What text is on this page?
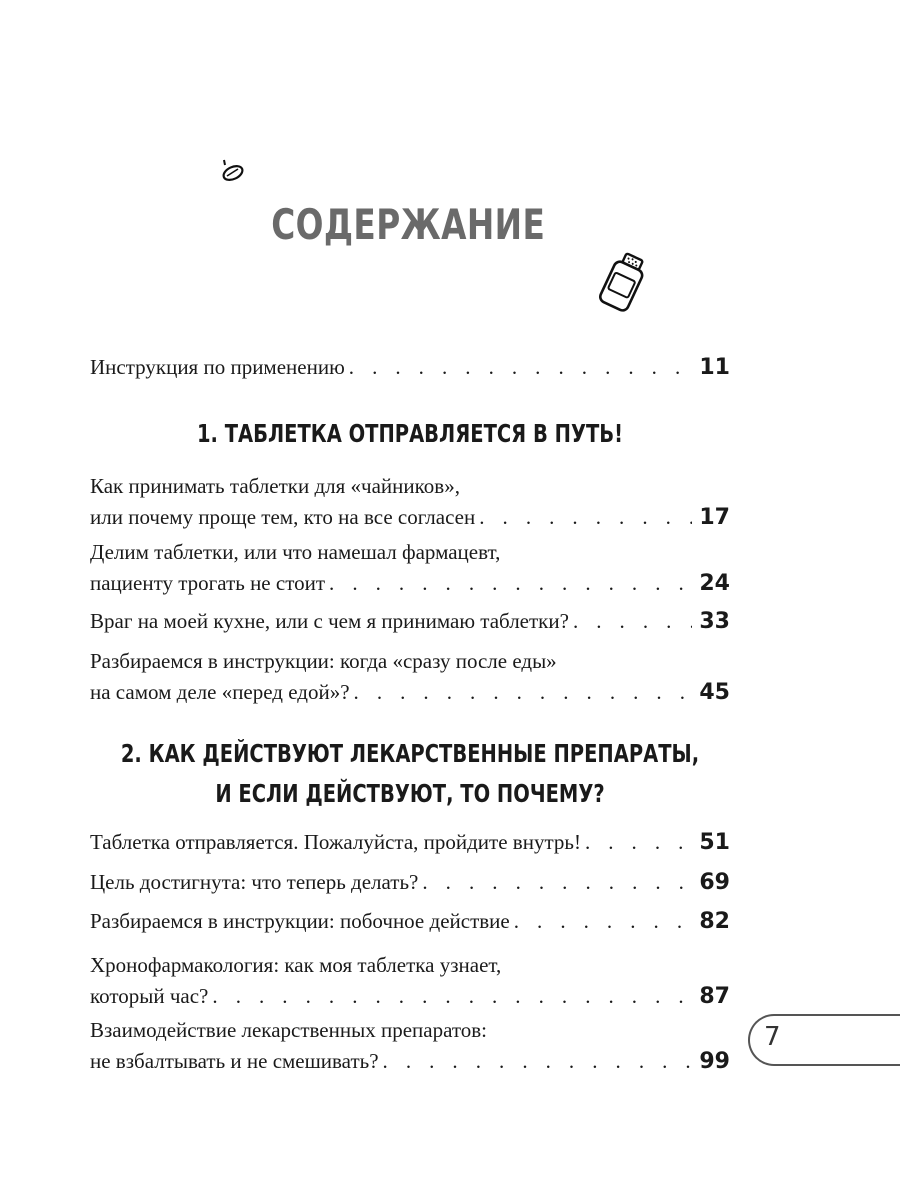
СОДЕРЖАНИЕ
Инструкция по применению . . .	11
1. ТАБЛЕТКА ОТПРАВЛЯЕТСЯ В ПУТЬ!
Как принимать таблетки для «чайников»,
или почему проще тем, кто на все согласен . . .	17
Делим таблетки, или что намешал фармацевт,
пациенту трогать не стоит . . .	24
Враг на моей кухне, или с чем я принимаю таблетки? . . .	33
Разбираемся в инструкции: когда «сразу после еды»
на самом деле «перед едой»? . . .	45
2. КАК ДЕЙСТВУЮТ ЛЕКАРСТВЕННЫЕ ПРЕПАРАТЫ,
И ЕСЛИ ДЕЙСТВУЮТ, ТО ПОЧЕМУ?
Таблетка отправляется. Пожалуйста, пройдите внутрь! . . .	51
Цель достигнута: что теперь делать? . . .	69
Разбираемся в инструкции: побочное действие . . .	82
Хронофармакология: как моя таблетка узнает,
который час? . . .	87
Взаимодействие лекарственных препаратов:
не взбалтывать и не смешивать? . . .	99
7
